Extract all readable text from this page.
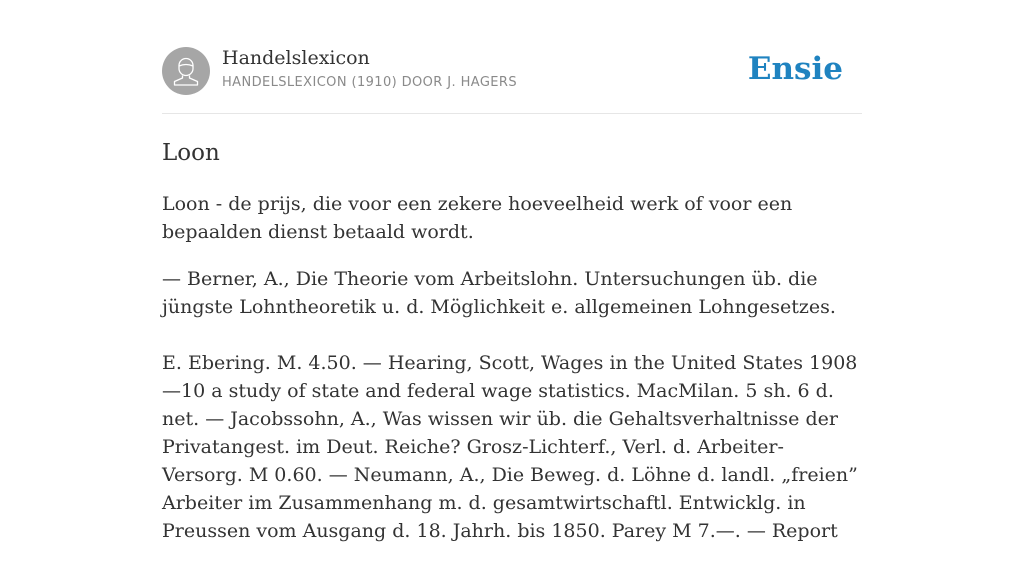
Handelslexicon
HANDELSLEXICON (1910) DOOR J. HAGERS	Ensie
Loon

Loon - de prijs, die voor een zekere hoeveelheid werk of voor een bepaalden dienst betaald wordt.

— Berner, A., Die Theorie vom Arbeitslohn. Untersuchungen üb. die jüngste Lohntheoretik u. d. Möglichkeit e. allgemeinen Lohngesetzes.

E. Ebering. M. 4.50. — Hearing, Scott, Wages in the United States 1908—10 a study of state and federal wage statistics. MacMilan. 5 sh. 6 d. net. — Jacobssohn, A., Was wissen wir üb. die Gehaltsverhaltnisse der Privatangest. im Deut. Reiche? Grosz-Lichterf., Verl. d. Arbeiter-Versorg. M 0.60. — Neumann, A., Die Beweg. d. Löhne d. landl. „freien” Arbeiter im Zusammenhang m. d. gesamtwirtschaftl. Entwicklg. in Preussen vom Ausgang d. 18. Jahrh. bis 1850. Parey M 7.—. — Report
